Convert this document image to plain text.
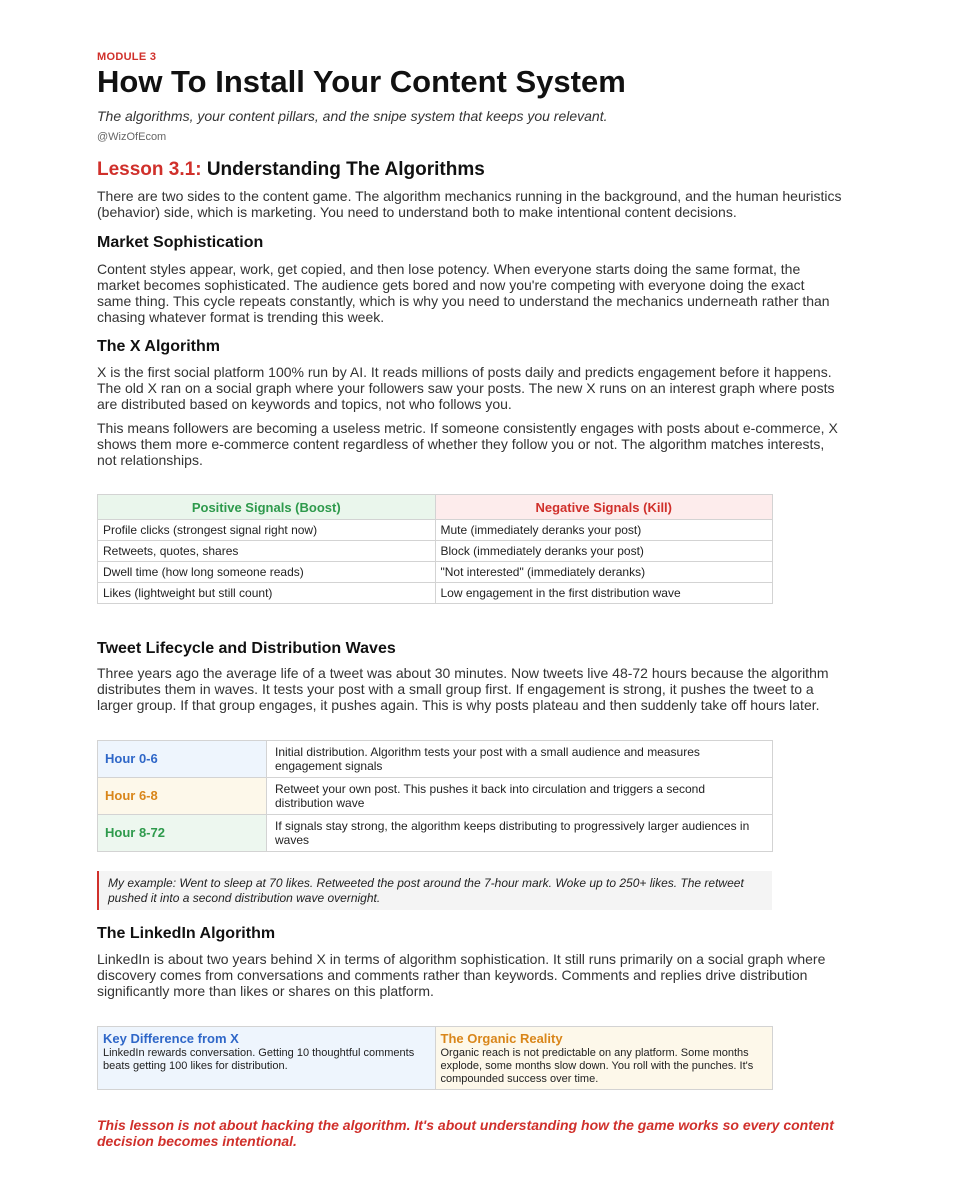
MODULE 3
How To Install Your Content System
The algorithms, your content pillars, and the snipe system that keeps you relevant.
@WizOfEcom
Lesson 3.1: Understanding The Algorithms

There are two sides to the content game. The algorithm mechanics running in the background, and the human heuristics (behavior) side, which is marketing. You need to understand both to make intentional content decisions.

Market Sophistication

Content styles appear, work, get copied, and then lose potency. When everyone starts doing the same format, the market becomes sophisticated. The audience gets bored and now you're competing with everyone doing the exact same thing. This cycle repeats constantly, which is why you need to understand the mechanics underneath rather than chasing whatever format is trending this week.

The X Algorithm

X is the first social platform 100% run by AI. It reads millions of posts daily and predicts engagement before it happens. The old X ran on a social graph where your followers saw your posts. The new X runs on an interest graph where posts are distributed based on keywords and topics, not who follows you.

This means followers are becoming a useless metric. If someone consistently engages with posts about e-commerce, X shows them more e-commerce content regardless of whether they follow you or not. The algorithm matches interests, not relationships.

Positive Signals (Boost)	Negative Signals (Kill)
Profile clicks (strongest signal right now)	Mute (immediately deranks your post)
Retweets, quotes, shares	Block (immediately deranks your post)
Dwell time (how long someone reads)	"Not interested" (immediately deranks)
Likes (lightweight but still count)	Low engagement in the first distribution wave
Tweet Lifecycle and Distribution Waves

Three years ago the average life of a tweet was about 30 minutes. Now tweets live 48-72 hours because the algorithm distributes them in waves. It tests your post with a small group first. If engagement is strong, it pushes the tweet to a larger group. If that group engages, it pushes again. This is why posts plateau and then suddenly take off hours later.

Hour 0-6	Initial distribution. Algorithm tests your post with a small audience and measures engagement signals
Hour 6-8	Retweet your own post. This pushes it back into circulation and triggers a second distribution wave
Hour 8-72	If signals stay strong, the algorithm keeps distributing to progressively larger audiences in waves
My example: Went to sleep at 70 likes. Retweeted the post around the 7-hour mark. Woke up to 250+ likes. The retweet pushed it into a second distribution wave overnight.
The LinkedIn Algorithm

LinkedIn is about two years behind X in terms of algorithm sophistication. It still runs primarily on a social graph where discovery comes from conversations and comments rather than keywords. Comments and replies drive distribution significantly more than likes or shares on this platform.

Key Difference from X
LinkedIn rewards conversation. Getting 10 thoughtful comments beats getting 100 likes for distribution.

The Organic Reality
Organic reach is not predictable on any platform. Some months explode, some months slow down. You roll with the punches. It's compounded success over time.
This lesson is not about hacking the algorithm. It's about understanding how the game works so every content decision becomes intentional.
